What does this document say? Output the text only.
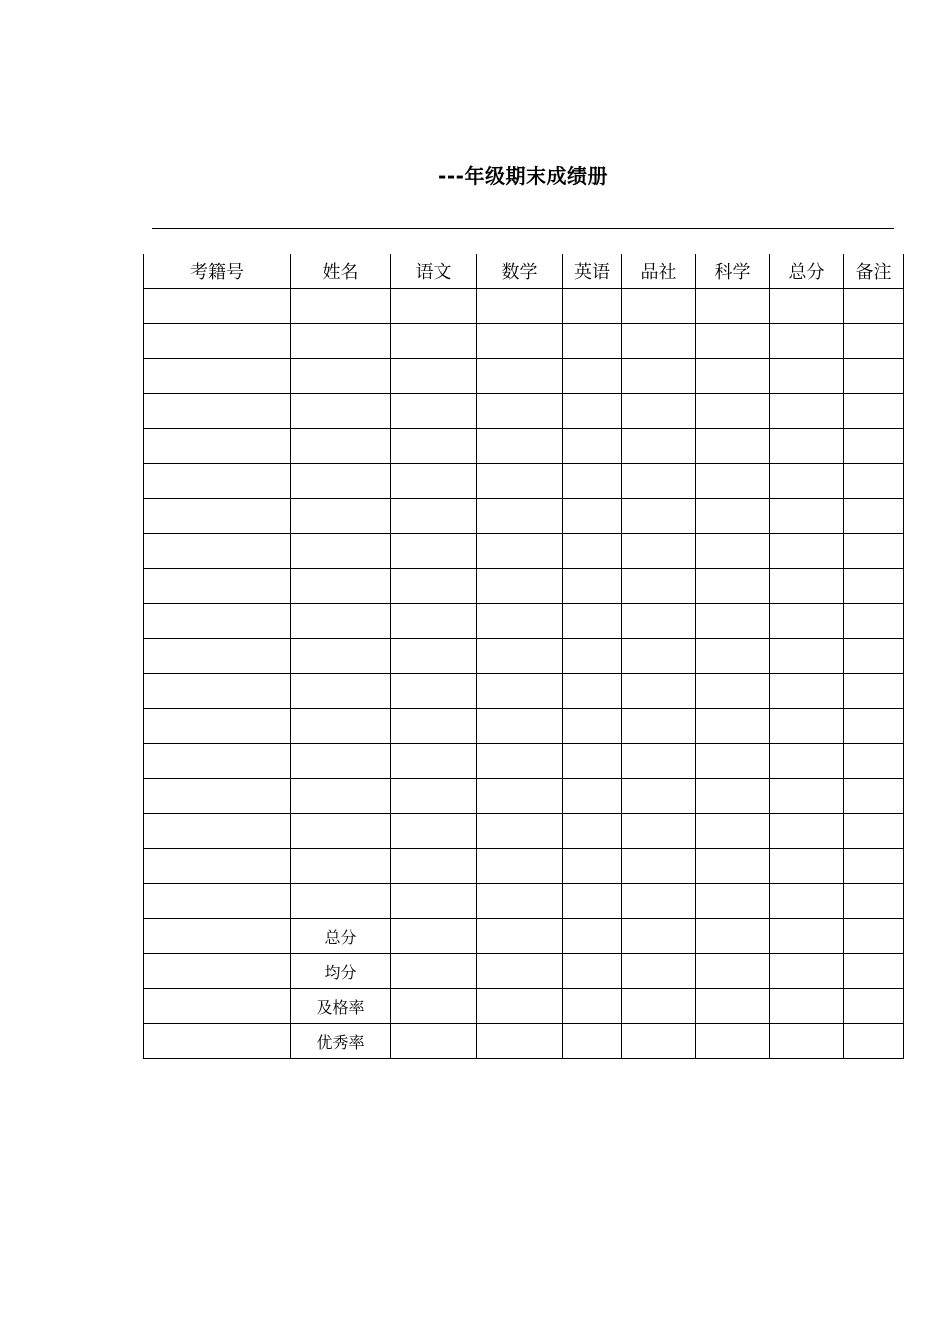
---年级期末成绩册
考籍号	姓名	语文	数学	英语	品社	科学	总分	备注

	总分							
	均分							
	及格率							
	优秀率							
